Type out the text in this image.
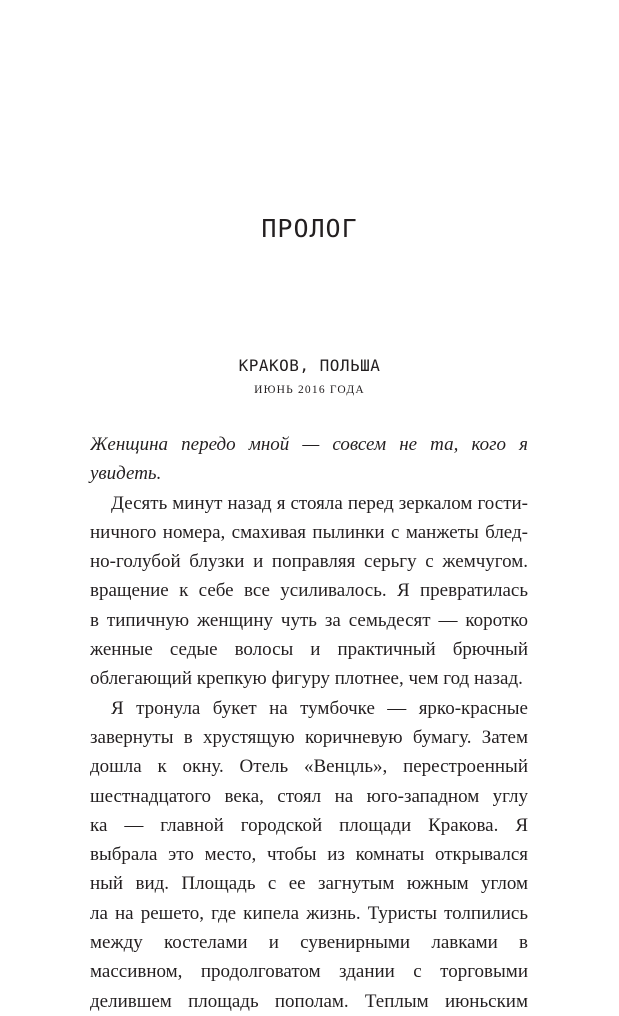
ПРОЛОГ
КРАКОВ, ПОЛЬША
ИЮНЬ 2016 ГОДА
Женщина передо мной — совсем не та, кого я
увидеть.
Десять минут назад я стояла перед зеркалом гости-
ничного номера, смахивая пылинки с манжеты блед-
но-голубой блузки и поправляя серьгу с жемчугом.
вращение к себе все усиливалось. Я превратилась
в типичную женщину чуть за семьдесят — коротко
женные седые волосы и практичный брючный
облегающий крепкую фигуру плотнее, чем год назад.
Я тронула букет на тумбочке — ярко-красные
завернуты в хрустящую коричневую бумагу. Затем
дошла к окну. Отель «Венцль», перестроенный
шестнадцатого века, стоял на юго-западном углу
ка — главной городской площади Кракова. Я
выбрала это место, чтобы из комнаты открывался
ный вид. Площадь с ее загнутым южным углом
ла на решето, где кипела жизнь. Туристы толпились
между костелами и сувенирными лавками в
массивном, продолговатом здании с торговыми
делившем площадь пополам. Теплым июньским
